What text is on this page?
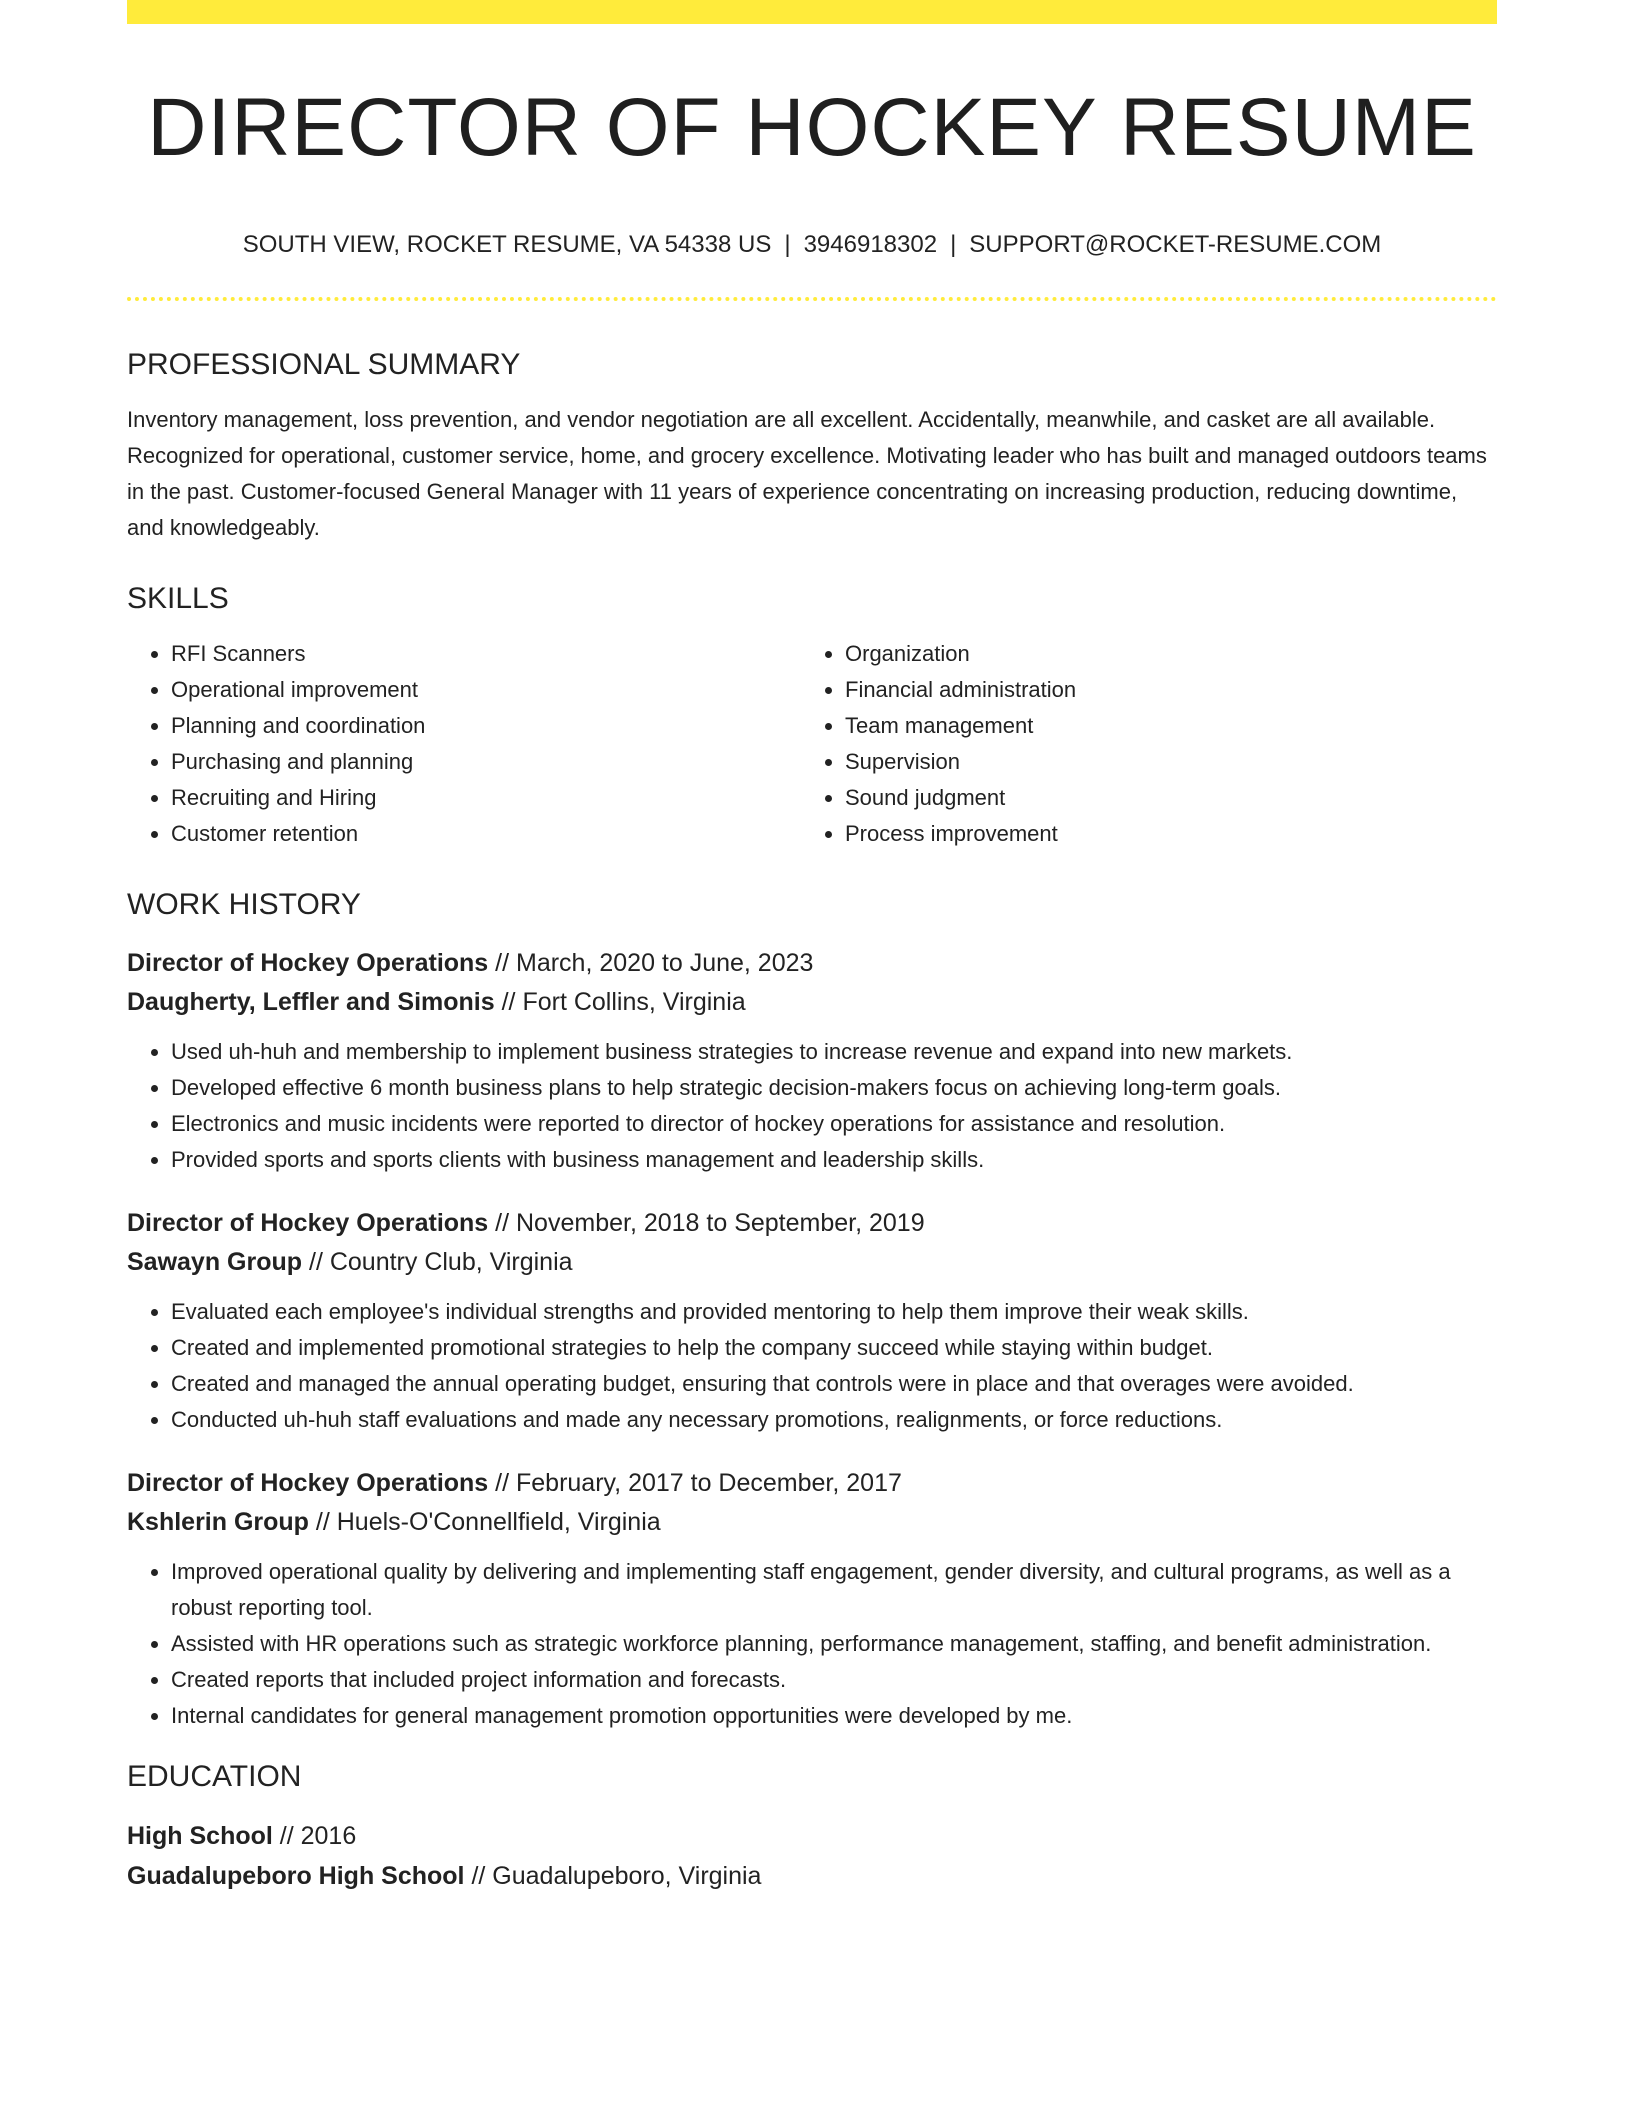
DIRECTOR OF HOCKEY RESUME
SOUTH VIEW, ROCKET RESUME, VA 54338 US | 3946918302 | SUPPORT@ROCKET-RESUME.COM
PROFESSIONAL SUMMARY

Inventory management, loss prevention, and vendor negotiation are all excellent. Accidentally, meanwhile, and casket are all available. Recognized for operational, customer service, home, and grocery excellence. Motivating leader who has built and managed outdoors teams in the past. Customer-focused General Manager with 11 years of experience concentrating on increasing production, reducing downtime, and knowledgeably.

SKILLS
• RFI Scanners
• Operational improvement
• Planning and coordination
• Purchasing and planning
• Recruiting and Hiring
• Customer retention
• Organization
• Financial administration
• Team management
• Supervision
• Sound judgment
• Process improvement
WORK HISTORY
Director of Hockey Operations // March, 2020 to June, 2023
Daugherty, Leffler and Simonis // Fort Collins, Virginia
• Used uh-huh and membership to implement business strategies to increase revenue and expand into new markets.
• Developed effective 6 month business plans to help strategic decision-makers focus on achieving long-term goals.
• Electronics and music incidents were reported to director of hockey operations for assistance and resolution.
• Provided sports and sports clients with business management and leadership skills.
Director of Hockey Operations // November, 2018 to September, 2019
Sawayn Group // Country Club, Virginia
• Evaluated each employee's individual strengths and provided mentoring to help them improve their weak skills.
• Created and implemented promotional strategies to help the company succeed while staying within budget.
• Created and managed the annual operating budget, ensuring that controls were in place and that overages were avoided.
• Conducted uh-huh staff evaluations and made any necessary promotions, realignments, or force reductions.
Director of Hockey Operations // February, 2017 to December, 2017
Kshlerin Group // Huels-O'Connellfield, Virginia
• Improved operational quality by delivering and implementing staff engagement, gender diversity, and cultural programs, as well as a robust reporting tool.
• Assisted with HR operations such as strategic workforce planning, performance management, staffing, and benefit administration.
• Created reports that included project information and forecasts.
• Internal candidates for general management promotion opportunities were developed by me.
EDUCATION
High School // 2016
Guadalupeboro High School // Guadalupeboro, Virginia
